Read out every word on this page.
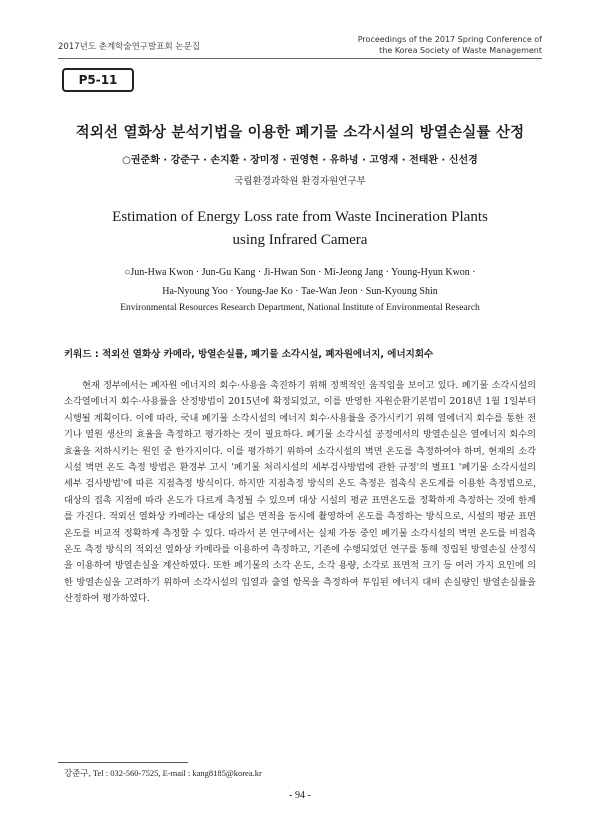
2017년도 춘계학술연구발표회 논문집
Proceedings of the 2017 Spring Conference of
the Korea Society of Waste Management
P5-11
적외선 열화상 분석기법을 이용한 폐기물 소각시설의 방열손실률 산정
○권준화 · 강준구 · 손지환 · 장미정 · 권영현 · 유하녕 · 고영재 · 전태완 · 신선경
국립환경과학원 환경자원연구부
Estimation of Energy Loss rate from Waste Incineration Plants
using Infrared Camera
○Jun-Hwa Kwon · Jun-Gu Kang · Ji-Hwan Son · Mi-Jeong Jang · Young-Hyun Kwon ·
Ha-Nyoung Yoo · Young-Jae Ko · Tae-Wan Jeon · Sun-Kyoung Shin
Environmental Resources Research Department, National Institute of Environmental Research
키워드 : 적외선 열화상 카메라, 방열손실률, 폐기물 소각시설, 폐자원에너지, 에너지회수
현재 정부에서는 폐자원 에너지의 회수·사용을 촉진하기 위해 정책적인 움직임을 보이고 있다. 폐기물 소각시설의 소각열에너지 회수·사용률을 산정방법이 2015년에 확정되었고, 이를 반영한 자원순환기본법이 2018년 1월 1일부터 시행될 계획이다. 이에 따라, 국내 폐기물 소각시설의 에너지 회수·사용률을 증가시키기 위해 열에너지 회수를 통한 전기나 열원 생산의 효율을 측정하고 평가하는 것이 필요하다. 폐기물 소각시설 공정에서의 방열손실은 열에너지 회수의 효율을 저하시키는 원인 중 한가지이다. 이를 평가하기 위하여 소각시설의 벽면 온도를 측정하여야 하며, 현재의 소각시설 벽면 온도 측정 방법은 환경부 고시 '폐기물 처리시설의 세부검사방법에 관한 규정'의 별표1 '폐기물 소각시설의 세부 검사방법'에 따른 지점측정 방식이다. 하지만 지점측정 방식의 온도 측정은 접촉식 온도계를 이용한 측정법으로, 대상의 접촉 지점에 따라 온도가 다르게 측정될 수 있으며 대상 시설의 평균 표면온도를 정확하게 측정하는 것에 한계를 가진다. 적외선 열화상 카메라는 대상의 넓은 면적을 동시에 촬영하여 온도를 측정하는 방식으로, 시설의 평균 표면온도를 비교적 정확하게 측정할 수 있다. 따라서 본 연구에서는 실제 가동 중인 폐기물 소각시설의 벽면 온도를 비접촉 온도 측정 방식의 적외선 열화상 카메라를 이용하여 측정하고, 기존에 수행되었던 연구를 통해 정립된 방열손실 산정식을 이용하여 방열손실을 계산하였다. 또한 폐기물의 소각 온도, 소각 용량, 소각로 표면적 크기 등 여러 가지 요인에 의한 방열손실을 고려하기 위하여 소각시설의 입열과 출열 항목을 측정하여 투입된 에너지 대비 손실량인 방열손실률을 산정하여 평가하였다.
강준구, Tel : 032-560-7525, E-mail : kang8185@korea.kr
- 94 -
